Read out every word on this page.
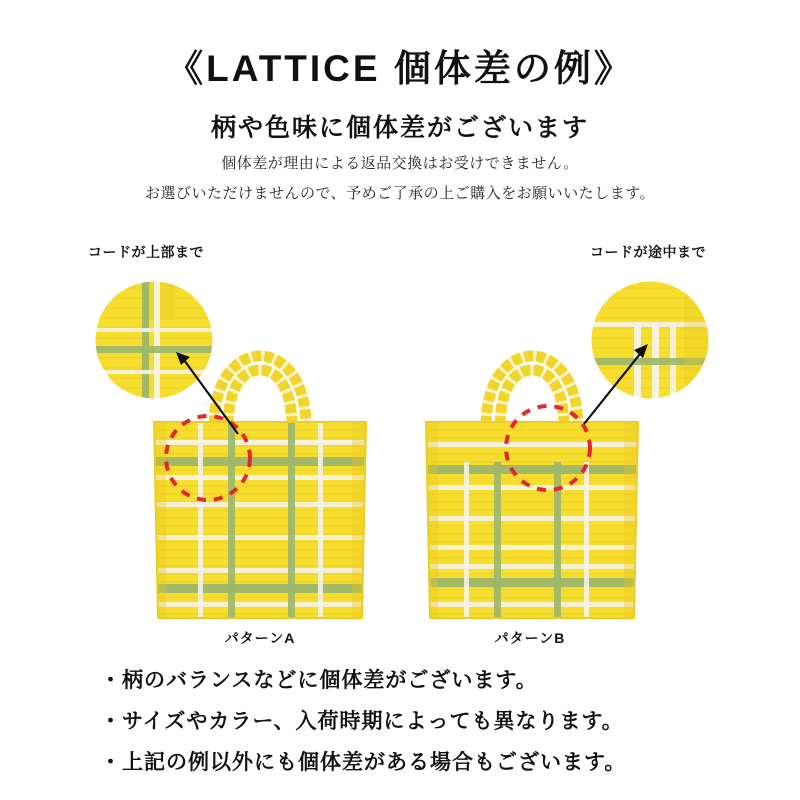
《LATTICE 個体差の例》
柄や色味に個体差がございます
個体差が理由による返品交換はお受けできません。
お選びいただけませんので、予めご了承の上ご購入をお願いいたします。
コードが上部まで	コードが途中まで
パターンA	パターンB
・柄のバランスなどに個体差がございます。
・サイズやカラー、入荷時期によっても異なります。
・上記の例以外にも個体差がある場合もございます。
